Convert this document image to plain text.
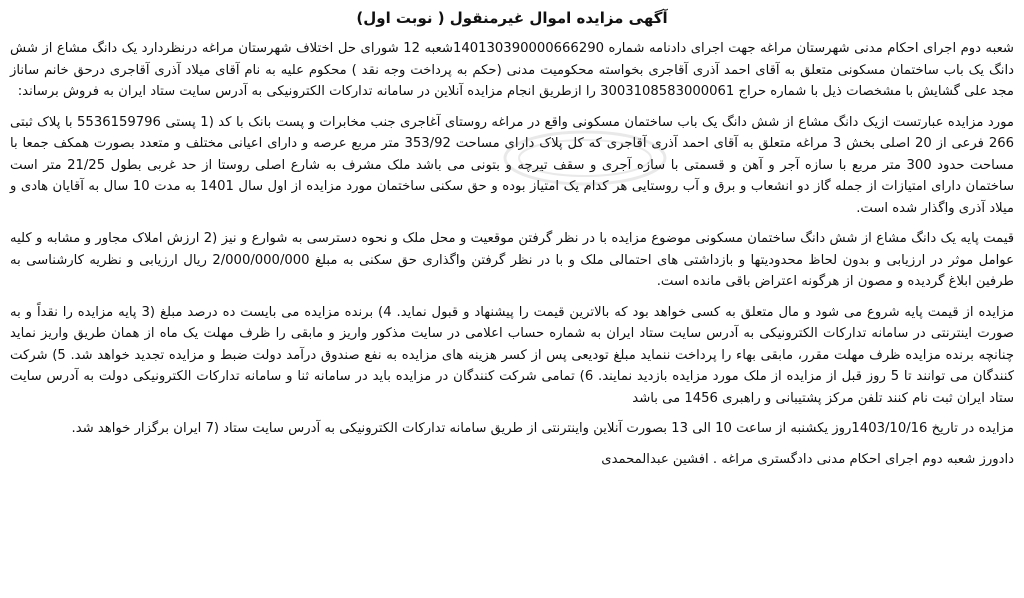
آگهی مزایده اموال غیرمنقول ( نوبت اول)

شعبه دوم اجرای احکام مدنی شهرستان مراغه جهت اجرای دادنامه شماره 140130390000666290شعبه 12 شورای حل اختلاف شهرستان مراغه درنظردارد یک دانگ مشاع از شش دانگ یک باب ساختمان مسکونی متعلق به آقای احمد آذری آقاجری بخواسته محکومیت مدنی (حکم به پرداخت وجه نقد ) محکوم علیه به نام آقای میلاد آذری آقاجری درحق خانم ساناز مجد علی گشایش با مشخصات ذیل با شماره حراج 3003108583000061 را ازطریق انجام مزایده آنلاین در سامانه تدارکات الکترونیکی به آدرس سایت ستاد ایران به فروش برساند:

مورد مزایده عبارتست ازیک دانگ مشاع از شش دانگ یک باب ساختمان مسکونی واقع در مراغه روستای آغاجری جنب مخابرات و پست بانک با کد (1 پستی 5536159796 با پلاک ثبتی 266 فرعی از 20 اصلی بخش 3 مراغه متعلق به آقای احمد آذری آقاجری که کل پلاک دارای مساحت 353/92 متر مربع عرصه و دارای اعیانی مختلف و متعدد بصورت همکف جمعا با مساحت حدود 300 متر مربع با سازه آجر و آهن و قسمتی با سازه آجری و سقف تیرچه و بتونی می باشد ملک مشرف به شارع اصلی روستا از حد غربی بطول 21/25 متر است ساختمان دارای امتیازات از جمله گاز دو انشعاب و برق و آب روستایی هر کدام یک امتیاز بوده و حق سکنی ساختمان مورد مزایده از اول سال 1401 به مدت 10 سال به آقایان هادی و میلاد آذری واگذار شده است.

قیمت پایه یک دانگ مشاع از شش دانگ ساختمان مسکونی موضوع مزایده با در نظر گرفتن موقعیت و محل ملک و نحوه دسترسی به شوارع و نیز (2 ارزش املاک مجاور و مشابه و کلیه عوامل موثر در ارزیابی و بدون لحاظ محدودیتها و بازداشتی های احتمالی ملک و با در نظر گرفتن واگذاری حق سکنی به مبلغ 2/000/000/000 ریال ارزیابی و نظریه کارشناسی به طرفین ابلاغ گردیده و مصون از هرگونه اعتراض باقی مانده است.

مزایده از قیمت پایه شروع می شود و مال متعلق به کسی خواهد بود که بالاترین قیمت را پیشنهاد و قبول نماید. 4) برنده مزایده می بایست ده درصد مبلغ (3 پایه مزایده را نقداً و به صورت اینترنتی در سامانه تدارکات الکترونیکی به آدرس سایت ستاد ایران به شماره حساب اعلامی در سایت مذکور واریز و مابقی را ظرف مهلت یک ماه از همان طریق واریز نماید چنانچه برنده مزایده ظرف مهلت مقرر، مابقی بهاء را پرداخت ننماید مبلغ تودیعی پس از کسر هزینه های مزایده به نفع صندوق درآمد دولت ضبط و مزایده تجدید خواهد شد. 5) شرکت کنندگان می توانند تا 5 روز قبل از مزایده از ملک مورد مزایده بازدید نمایند. 6) تمامی شرکت کنندگان در مزایده باید در سامانه ثنا و سامانه تدارکات الکترونیکی دولت به آدرس سایت ستاد ایران ثبت نام کنند تلفن مرکز پشتیبانی و راهبری 1456 می باشد

مزایده در تاریخ 1403/10/16روز یکشنبه از ساعت 10 الی 13 بصورت آنلاین واینترنتی از طریق سامانه تدارکات الکترونیکی به آدرس سایت ستاد (7 ایران برگزار خواهد شد.

دادورز شعبه دوم اجرای احکام مدنی دادگستری مراغه . افشین عبدالمحمدی
